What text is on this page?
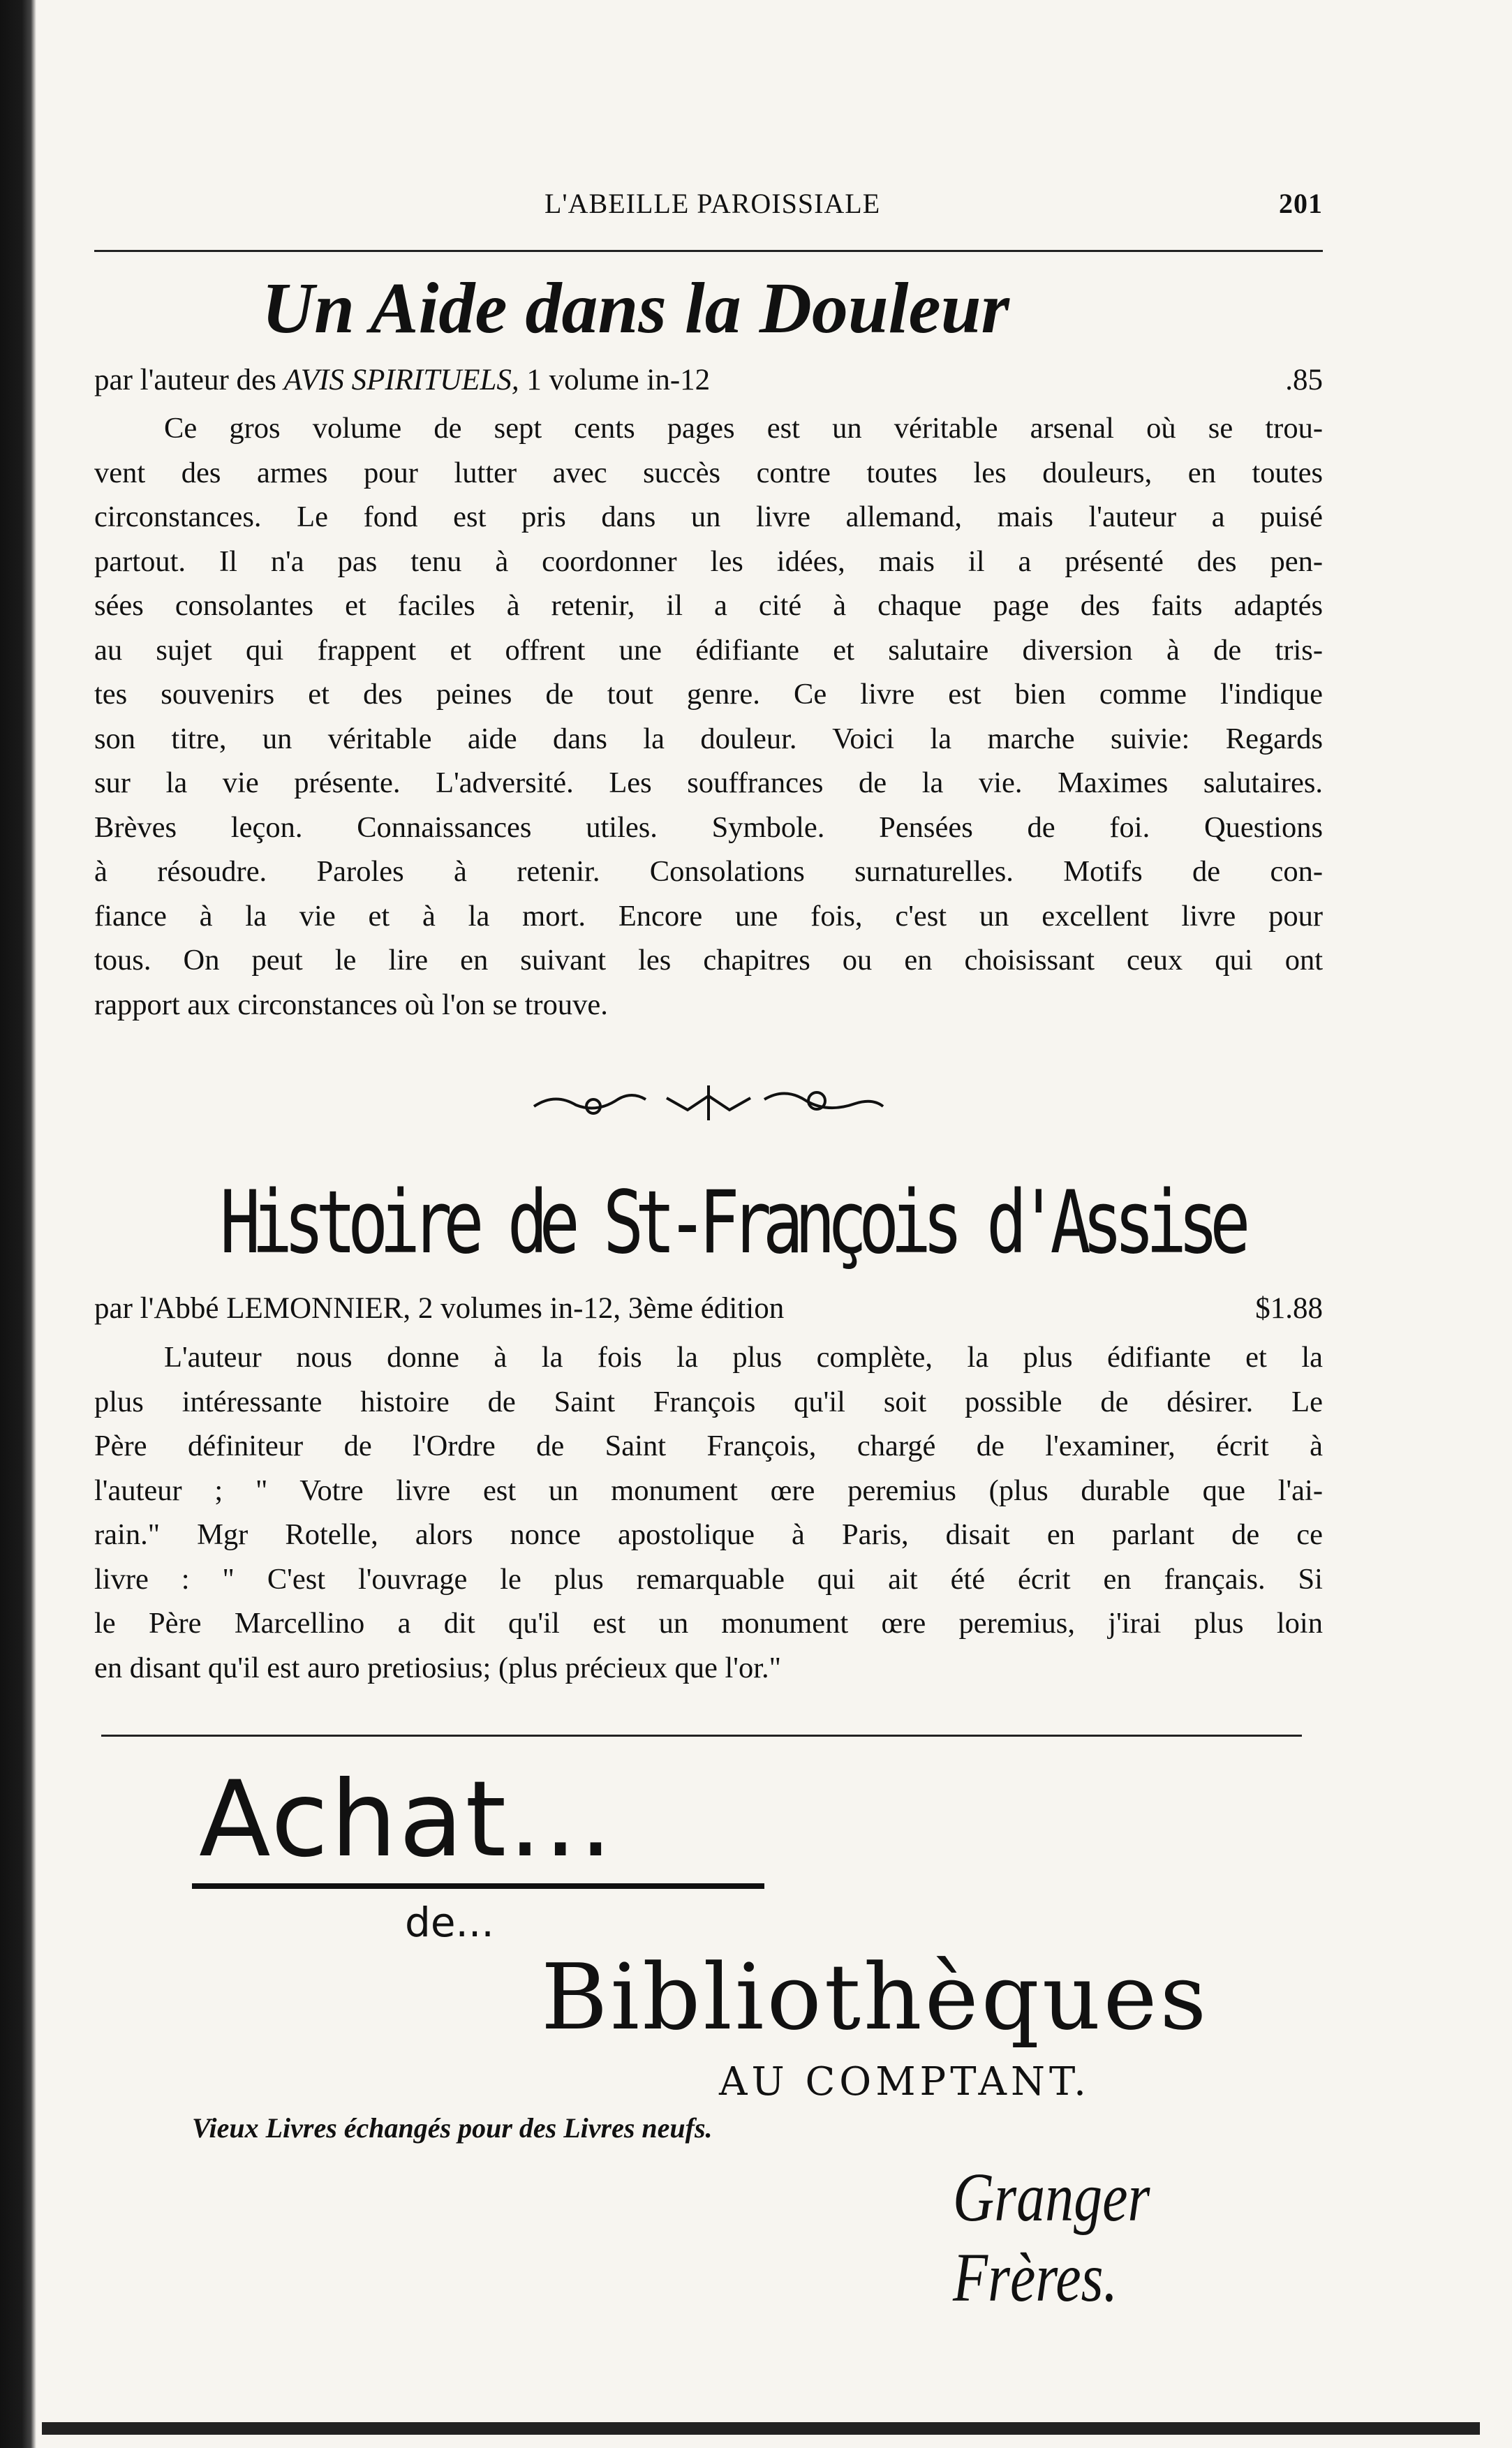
L'ABEILLE PAROISSIALE	201
Un Aide dans la Douleur
par l'auteur des AVIS SPIRITUELS, 1 volume in-12	.85
Ce gros volume de sept cents pages est un véritable arsenal où se trou-
vent des armes pour lutter avec succès contre toutes les douleurs, en toutes
circonstances. Le fond est pris dans un livre allemand, mais l'auteur a puisé
partout. Il n'a pas tenu à coordonner les idées, mais il a présenté des pen-
sées consolantes et faciles à retenir, il a cité à chaque page des faits adaptés
au sujet qui frappent et offrent une édifiante et salutaire diversion à de tris-
tes souvenirs et des peines de tout genre. Ce livre est bien comme l'indique
son titre, un véritable aide dans la douleur. Voici la marche suivie: Regards
sur la vie présente. L'adversité. Les souffrances de la vie. Maximes salutaires.
Brèves leçon. Connaissances utiles. Symbole. Pensées de foi. Questions
à résoudre. Paroles à retenir. Consolations surnaturelles. Motifs de con-
fiance à la vie et à la mort. Encore une fois, c'est un excellent livre pour
tous. On peut le lire en suivant les chapitres ou en choisissant ceux qui ont
rapport aux circonstances où l'on se trouve.
Histoire de St-François d'Assise
par l'Abbé LEMONNIER, 2 volumes in-12, 3ème édition	$1.88
L'auteur nous donne à la fois la plus complète, la plus édifiante et la
plus intéressante histoire de Saint François qu'il soit possible de désirer. Le
Père définiteur de l'Ordre de Saint François, chargé de l'examiner, écrit à
l'auteur ; " Votre livre est un monument œre peremius (plus durable que l'ai-
rain." Mgr Rotelle, alors nonce apostolique à Paris, disait en parlant de ce
livre : " C'est l'ouvrage le plus remarquable qui ait été écrit en français. Si
le Père Marcellino a dit qu'il est un monument œre peremius, j'irai plus loin
en disant qu'il est auro pretiosius; (plus précieux que l'or."
Achat...
de...
Bibliothèques
AU COMPTANT.
Vieux Livres échangés pour des Livres neufs.
Granger Frères.
